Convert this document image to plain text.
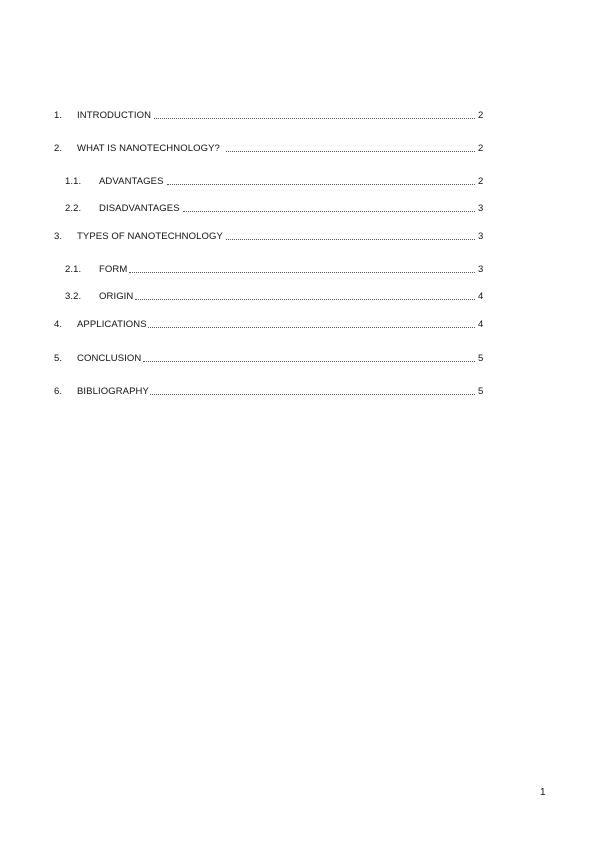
1. INTRODUCTION	2
2. WHAT IS NANOTECHNOLOGY?	2
1.1. ADVANTAGES	2
2.2. DISADVANTAGES	3
3. TYPES OF NANOTECHNOLOGY	3
2.1. FORM	3
3.2. ORIGIN	4
4. APPLICATIONS	4
5. CONCLUSION	5
6. BIBLIOGRAPHY	5
1
